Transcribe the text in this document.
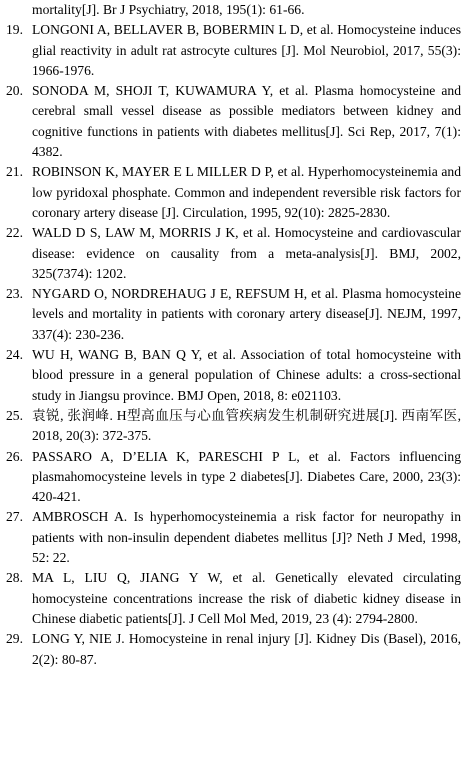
mortality[J]. Br J Psychiatry, 2018, 195(1): 61-66.

19. LONGONI A, BELLAVER B, BOBERMIN L D, et al. Homocysteine induces glial reactivity in adult rat astrocyte cultures [J]. Mol Neurobiol, 2017, 55(3): 1966-1976.

20. SONODA M, SHOJI T, KUWAMURA Y, et al. Plasma homocysteine and cerebral small vessel disease as possible mediators between kidney and cognitive functions in patients with diabetes mellitus[J]. Sci Rep, 2017, 7(1): 4382.

21. ROBINSON K, MAYER E L MILLER D P, et al. Hyperhomocysteinemia and low pyridoxal phosphate. Common and independent reversible risk factors for coronary artery disease [J]. Circulation, 1995, 92(10): 2825-2830.

22. WALD D S, LAW M, MORRIS J K, et al. Homocysteine and cardiovascular disease: evidence on causality from a meta-analysis[J]. BMJ, 2002, 325(7374): 1202.

23. NYGARD O, NORDREHAUG J E, REFSUM H, et al. Plasma homocysteine levels and mortality in patients with coronary artery disease[J]. NEJM, 1997, 337(4): 230-236.

24. WU H, WANG B, BAN Q Y, et al. Association of total homocysteine with blood pressure in a general population of Chinese adults: a cross-sectional study in Jiangsu province. BMJ Open, 2018, 8: e021103.

25. 袁锐, 张润峰. H型高血压与心血管疾病发生机制研究进展[J]. 西南军医, 2018, 20(3): 372-375.

26. PASSARO A, D’ELIA K, PARESCHI P L, et al. Factors influencing plasmahomocysteine levels in type 2 diabetes[J]. Diabetes Care, 2000, 23(3): 420-421.

27. AMBROSCH A. Is hyperhomocysteinemia a risk factor for neuropathy in patients with non-insulin dependent diabetes mellitus [J]? Neth J Med, 1998, 52: 22.

28. MA L, LIU Q, JIANG Y W, et al. Genetically elevated circulating homocysteine concentrations increase the risk of diabetic kidney disease in Chinese diabetic patients[J]. J Cell Mol Med, 2019, 23 (4): 2794-2800.

29. LONG Y, NIE J. Homocysteine in renal injury [J]. Kidney Dis (Basel), 2016, 2(2): 80-87.
